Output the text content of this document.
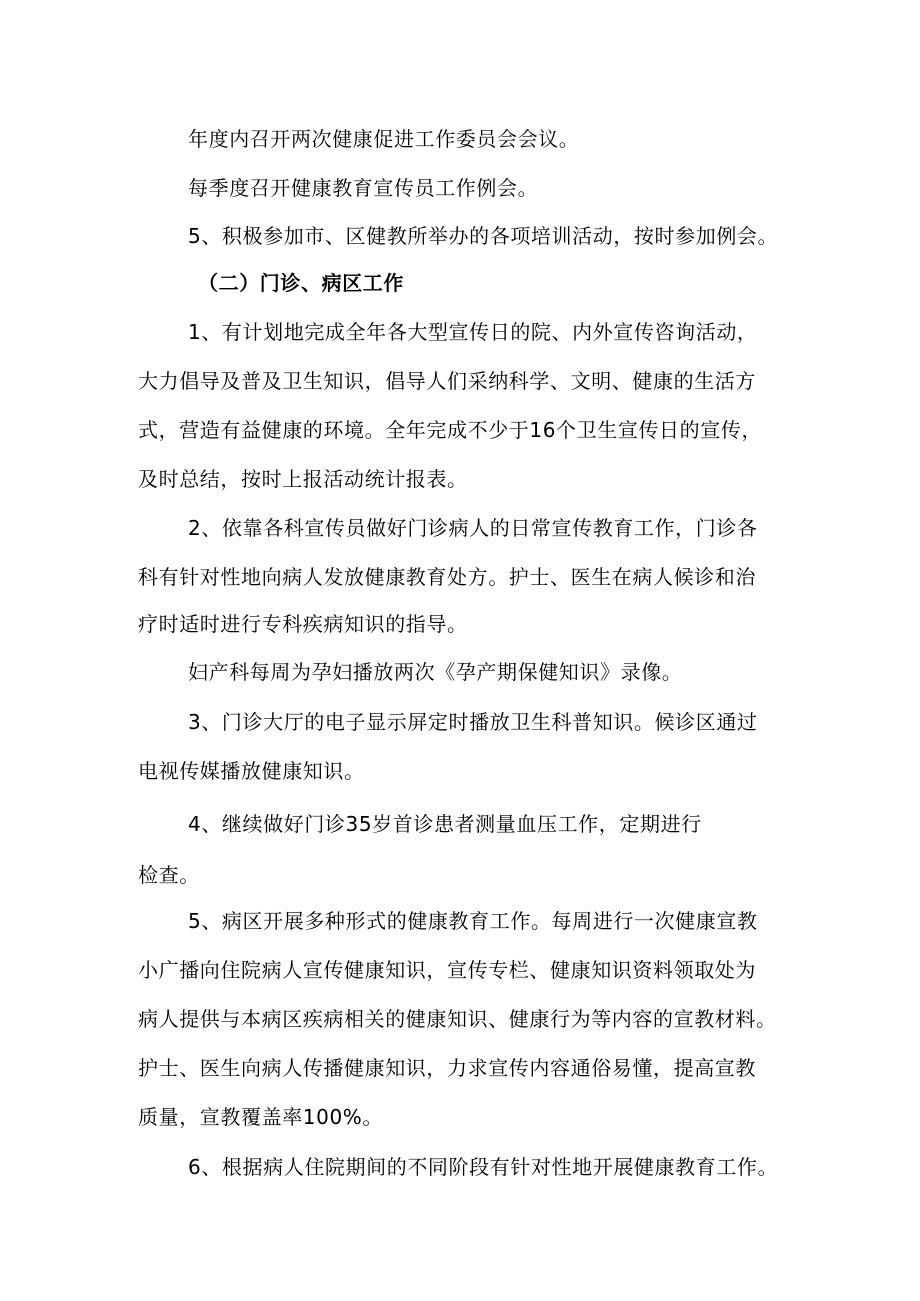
年度内召开两次健康促进工作委员会会议。
每季度召开健康教育宣传员工作例会。
5、积极参加市、区健教所举办的各项培训活动，按时参加例会。
（二）门诊、病区工作
1、有计划地完成全年各大型宣传日的院、内外宣传咨询活动，
大力倡导及普及卫生知识，倡导人们采纳科学、文明、健康的生活方
式，营造有益健康的环境。全年完成不少于16个卫生宣传日的宣传，
及时总结，按时上报活动统计报表。
2、依靠各科宣传员做好门诊病人的日常宣传教育工作，门诊各
科有针对性地向病人发放健康教育处方。护士、医生在病人候诊和治
疗时适时进行专科疾病知识的指导。
妇产科每周为孕妇播放两次《孕产期保健知识》录像。
3、门诊大厅的电子显示屏定时播放卫生科普知识。候诊区通过
电视传媒播放健康知识。
4、继续做好门诊35岁首诊患者测量血压工作，定期进行
检查。
5、病区开展多种形式的健康教育工作。每周进行一次健康宣教
小广播向住院病人宣传健康知识，宣传专栏、健康知识资料领取处为
病人提供与本病区疾病相关的健康知识、健康行为等内容的宣教材料。
护士、医生向病人传播健康知识，力求宣传内容通俗易懂，提高宣教
质量，宣教覆盖率100%。
6、根据病人住院期间的不同阶段有针对性地开展健康教育工作。
